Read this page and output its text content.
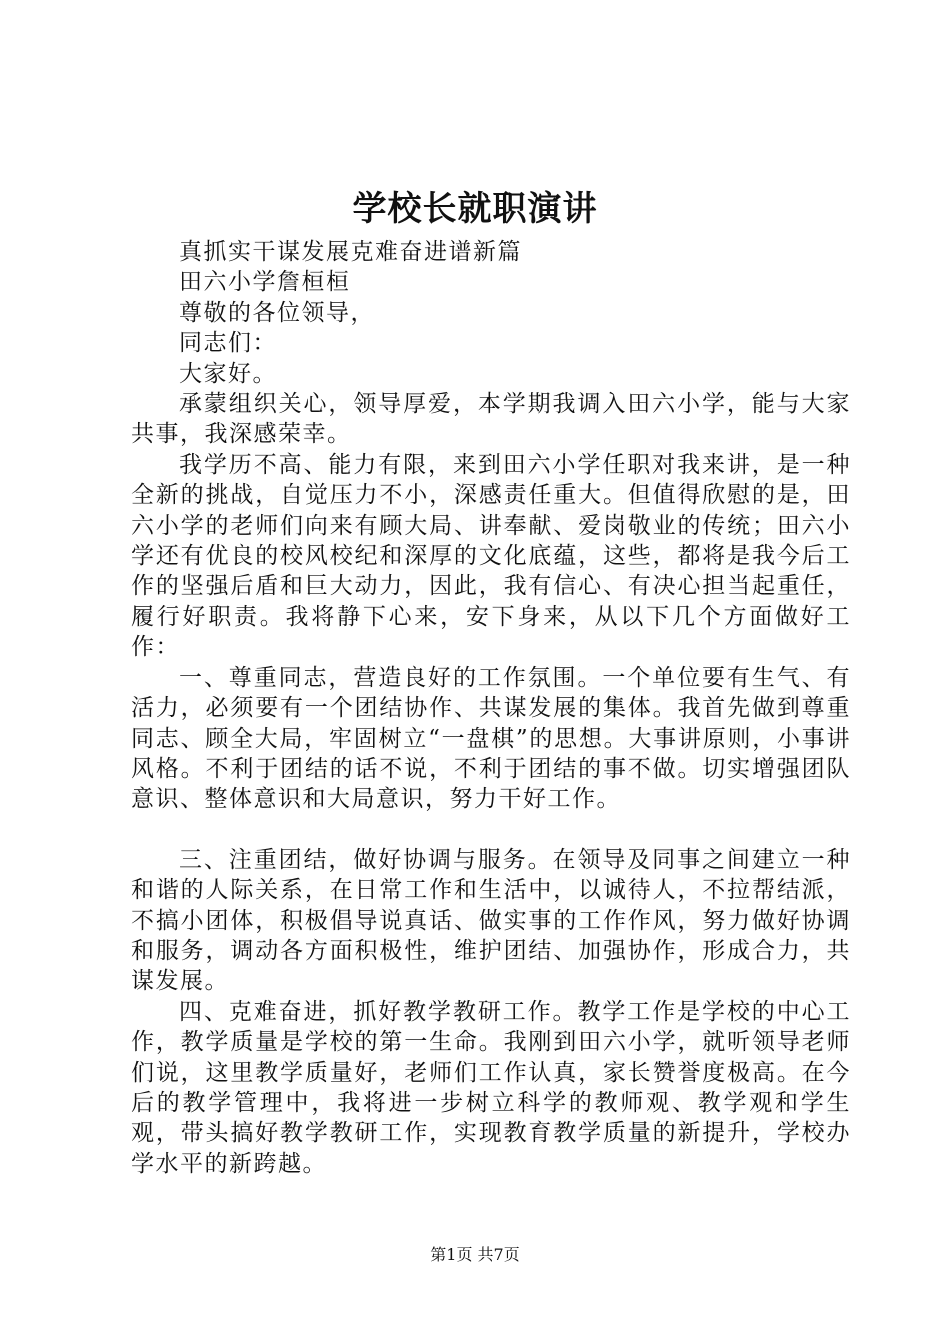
学校长就职演讲

真抓实干谋发展克难奋进谱新篇

田六小学詹桓桓

尊敬的各位领导，

同志们：

大家好。

承蒙组织关心，领导厚爱，本学期我调入田六小学，能与大家共事，我深感荣幸。

我学历不高、能力有限，来到田六小学任职对我来讲，是一种全新的挑战，自觉压力不小，深感责任重大。但值得欣慰的是，田六小学的老师们向来有顾大局、讲奉献、爱岗敬业的传统；田六小学还有优良的校风校纪和深厚的文化底蕴，这些，都将是我今后工作的坚强后盾和巨大动力，因此，我有信心、有决心担当起重任，履行好职责。我将静下心来，安下身来，从以下几个方面做好工作：

一、尊重同志，营造良好的工作氛围。一个单位要有生气、有活力，必须要有一个团结协作、共谋发展的集体。我首先做到尊重同志、顾全大局，牢固树立“一盘棋”的思想。大事讲原则，小事讲风格。不利于团结的话不说，不利于团结的事不做。切实增强团队意识、整体意识和大局意识，努力干好工作。

三、注重团结，做好协调与服务。在领导及同事之间建立一种和谐的人际关系，在日常工作和生活中，以诚待人，不拉帮结派，不搞小团体，积极倡导说真话、做实事的工作作风，努力做好协调和服务，调动各方面积极性，维护团结、加强协作，形成合力，共谋发展。

四、克难奋进，抓好教学教研工作。教学工作是学校的中心工作，教学质量是学校的第一生命。我刚到田六小学，就听领导老师们说，这里教学质量好，老师们工作认真，家长赞誉度极高。在今后的教学管理中，我将进一步树立科学的教师观、教学观和学生观，带头搞好教学教研工作，实现教育教学质量的新提升，学校办学水平的新跨越。

第1页 共7页
